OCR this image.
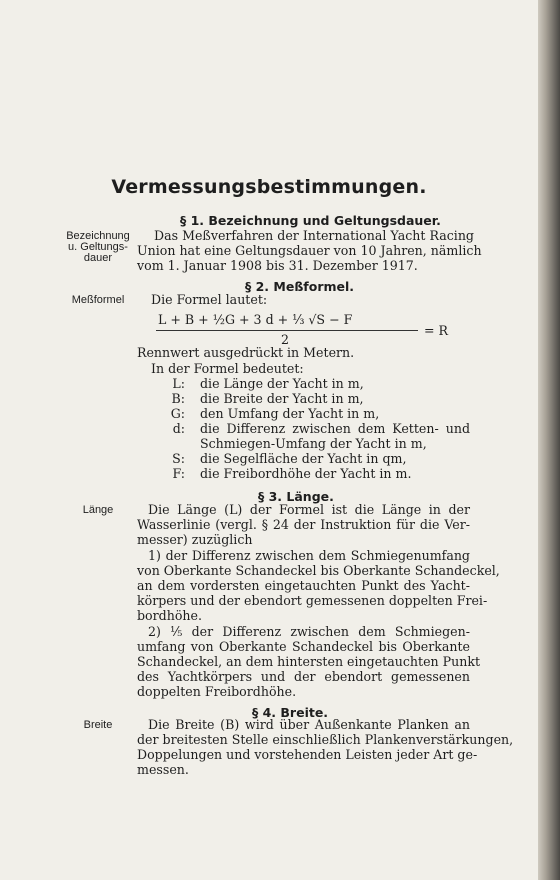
Vermessungsbestimmungen.
§ 1. Bezeichnung und Geltungsdauer.
Bezeichnung
u. Geltungs-
dauer
Das Meßverfahren der International Yacht Racing
Union hat eine Geltungsdauer von 10 Jahren, nämlich
vom 1. Januar 1908 bis 31. Dezember 1917.
§ 2. Meßformel.
Meßformel	Die Formel lautet:
L + B + ½G + 3 d + ⅓ √S − F
2
= R
Rennwert ausgedrückt in Metern.
In der Formel bedeutet:
L: die Länge der Yacht in m,
B: die Breite der Yacht in m,
G: den Umfang der Yacht in m,
d: die Differenz zwischen dem Ketten- und
Schmiegen-Umfang der Yacht in m,
S: die Segelfläche der Yacht in qm,
F: die Freibordhöhe der Yacht in m.
§ 3. Länge.
Länge	Die Länge (L) der Formel ist die Länge in der
Wasserlinie (vergl. § 24 der Instruktion für die Ver-
messer) zuzüglich
1) der Differenz zwischen dem Schmiegenumfang
von Oberkante Schandeckel bis Oberkante Schandeckel,
an dem vordersten eingetauchten Punkt des Yacht-
körpers und der ebendort gemessenen doppelten Frei-
bordhöhe.
2) ⅕ der Differenz zwischen dem Schmiegen-
umfang von Oberkante Schandeckel bis Oberkante
Schandeckel, an dem hintersten eingetauchten Punkt
des Yachtkörpers und der ebendort gemessenen
doppelten Freibordhöhe.
§ 4. Breite.
Breite	Die Breite (B) wird über Außenkante Planken an
der breitesten Stelle einschließlich Plankenverstärkungen,
Doppelungen und vorstehenden Leisten jeder Art ge-
messen.
